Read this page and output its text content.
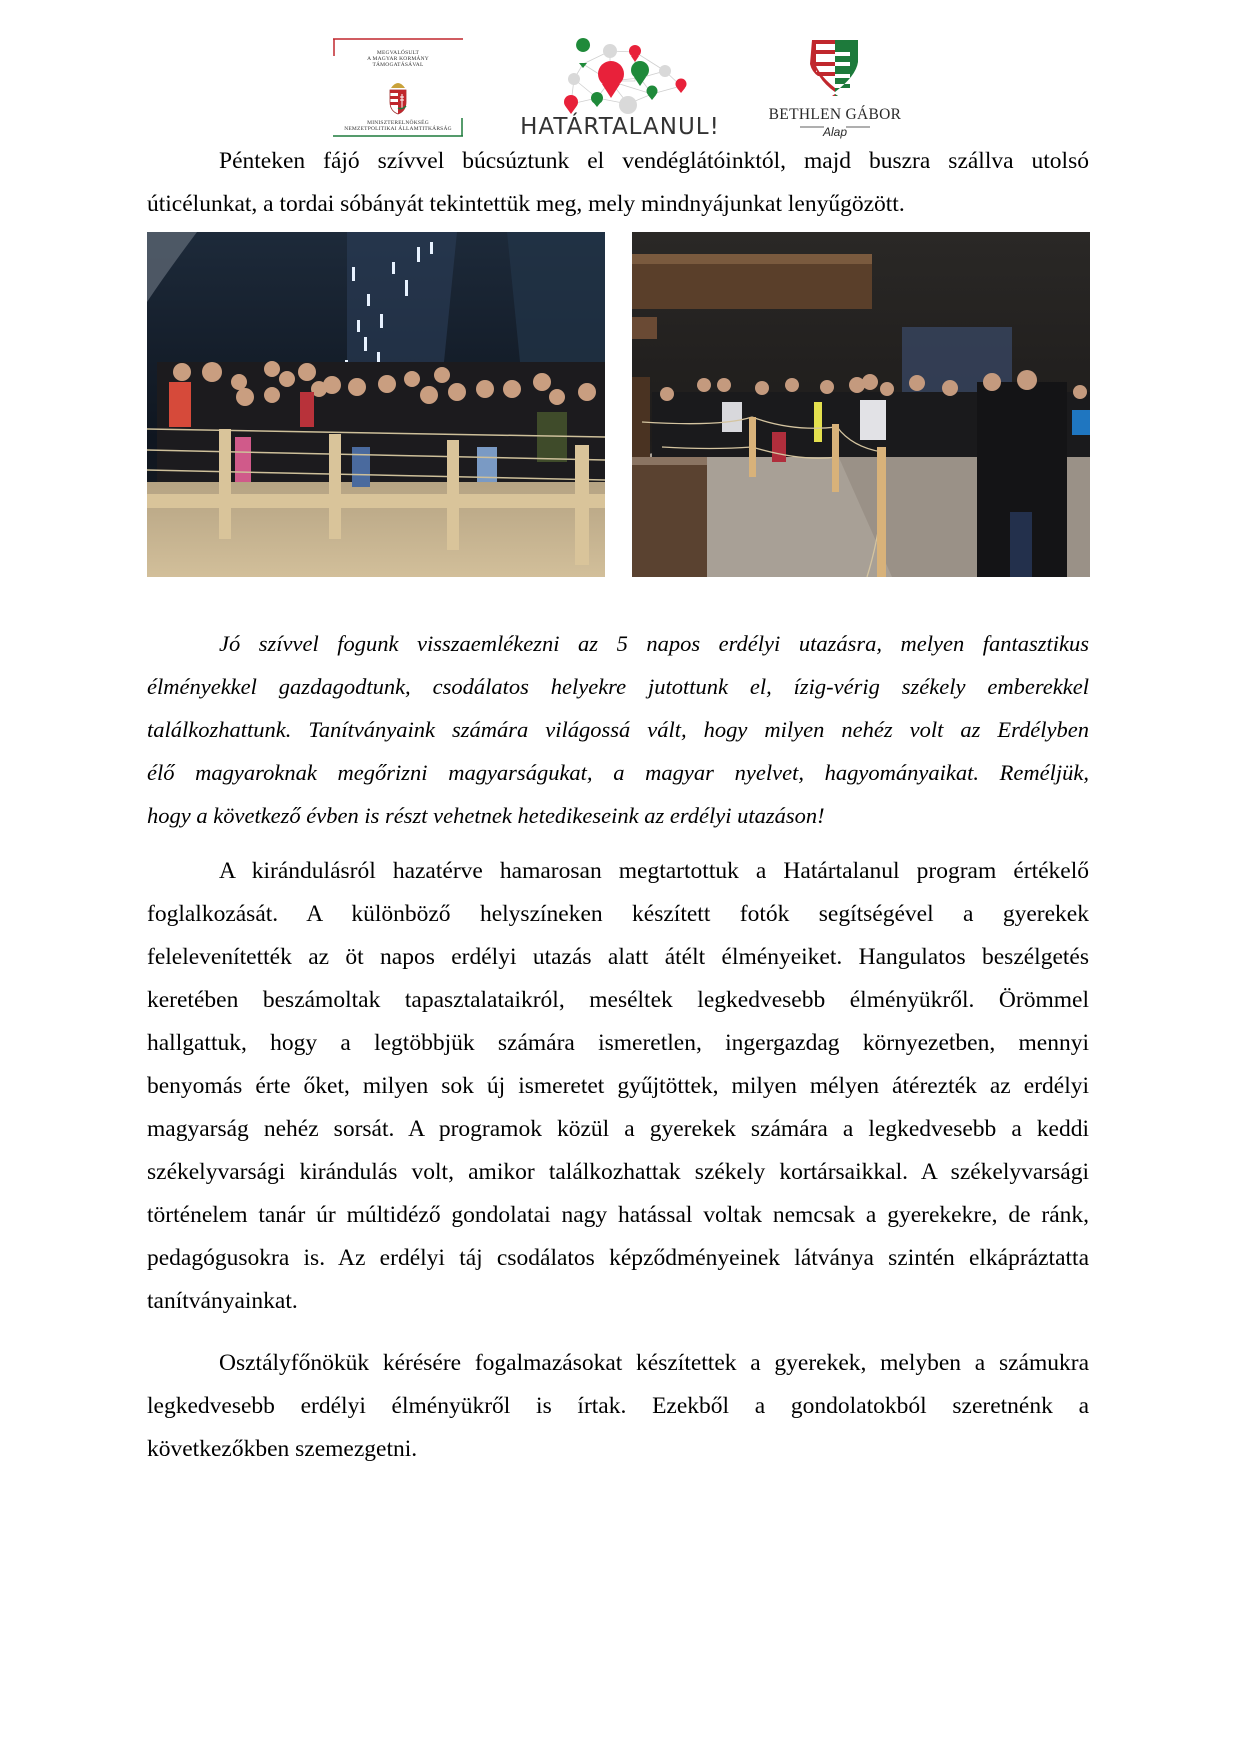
MEGVALÓSULT
A MAGYAR KORMÁNY
TÁMOGATÁSÁVAL
MINISZTERELNÖKSÉG
NEMZETPOLITIKAI ÁLLAMTITKÁRSÁG	HATÁRTALANUL!	BETHLEN GÁBOR
Alap
Pénteken fájó szívvel búcsúztunk el vendéglátóinktól, majd buszra szállva utolsó
úticélunkat, a tordai sóbányát tekintettük meg, mely mindnyájunkat lenyűgözött.
Jó szívvel fogunk visszaemlékezni az 5 napos erdélyi utazásra, melyen fantasztikus
élményekkel gazdagodtunk, csodálatos helyekre jutottunk el, ízig-vérig székely emberekkel
találkozhattunk. Tanítványaink számára világossá vált, hogy milyen nehéz volt az Erdélyben
élő magyaroknak megőrizni magyarságukat, a magyar nyelvet, hagyományaikat. Reméljük,
hogy a következő évben is részt vehetnek hetedikeseink az erdélyi utazáson!
A kirándulásról hazatérve hamarosan megtartottuk a Határtalanul program értékelő
foglalkozását. A különböző helyszíneken készített fotók segítségével a gyerekek
felelevenítették az öt napos erdélyi utazás alatt átélt élményeiket. Hangulatos beszélgetés
keretében beszámoltak tapasztalataikról, meséltek legkedvesebb élményükről. Örömmel
hallgattuk, hogy a legtöbbjük számára ismeretlen, ingergazdag környezetben, mennyi
benyomás érte őket, milyen sok új ismeretet gyűjtöttek, milyen mélyen átérezték az erdélyi
magyarság nehéz sorsát. A programok közül a gyerekek számára a legkedvesebb a keddi
székelyvarsági kirándulás volt, amikor találkozhattak székely kortársaikkal. A székelyvarsági
történelem tanár úr múltidéző gondolatai nagy hatással voltak nemcsak a gyerekekre, de ránk,
pedagógusokra is. Az erdélyi táj csodálatos képződményeinek látványa szintén elkápráztatta
tanítványainkat.
Osztályfőnökük kérésére fogalmazásokat készítettek a gyerekek, melyben a számukra
legkedvesebb erdélyi élményükről is írtak. Ezekből a gondolatokból szeretnénk a
következőkben szemezgetni.
